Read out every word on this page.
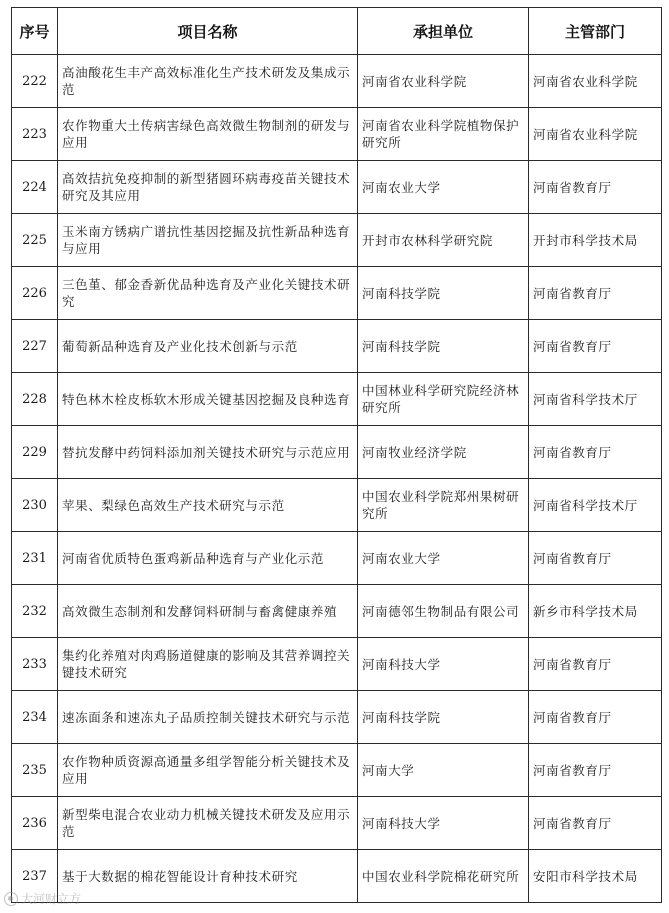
序号	项目名称	承担单位	主管部门
222	高油酸花生丰产高效标准化生产技术研发及集成示范	河南省农业科学院	河南省农业科学院
223	农作物重大土传病害绿色高效微生物制剂的研发与应用	河南省农业科学院植物保护研究所	河南省农业科学院
224	高效拮抗免疫抑制的新型猪圆环病毒疫苗关键技术研究及其应用	河南农业大学	河南省教育厅
225	玉米南方锈病广谱抗性基因挖掘及抗性新品种选育与应用	开封市农林科学研究院	开封市科学技术局
226	三色堇、郁金香新优品种选育及产业化关键技术研究	河南科技学院	河南省教育厅
227	葡萄新品种选育及产业化技术创新与示范	河南科技学院	河南省教育厅
228	特色林木栓皮栎软木形成关键基因挖掘及良种选育	中国林业科学研究院经济林研究所	河南省科学技术厅
229	替抗发酵中药饲料添加剂关键技术研究与示范应用	河南牧业经济学院	河南省教育厅
230	苹果、梨绿色高效生产技术研究与示范	中国农业科学院郑州果树研究所	河南省科学技术厅
231	河南省优质特色蛋鸡新品种选育与产业化示范	河南农业大学	河南省教育厅
232	高效微生态制剂和发酵饲料研制与畜禽健康养殖	河南德邻生物制品有限公司	新乡市科学技术局
233	集约化养殖对肉鸡肠道健康的影响及其营养调控关键技术研究	河南科技大学	河南省教育厅
234	速冻面条和速冻丸子品质控制关键技术研究与示范	河南科技学院	河南省教育厅
235	农作物种质资源高通量多组学智能分析关键技术及应用	河南大学	河南省教育厅
236	新型柴电混合农业动力机械关键技术研发及应用示范	河南科技大学	河南省教育厅
237	基于大数据的棉花智能设计育种技术研究	中国农业科学院棉花研究所	安阳市科学技术局
大河财立方
